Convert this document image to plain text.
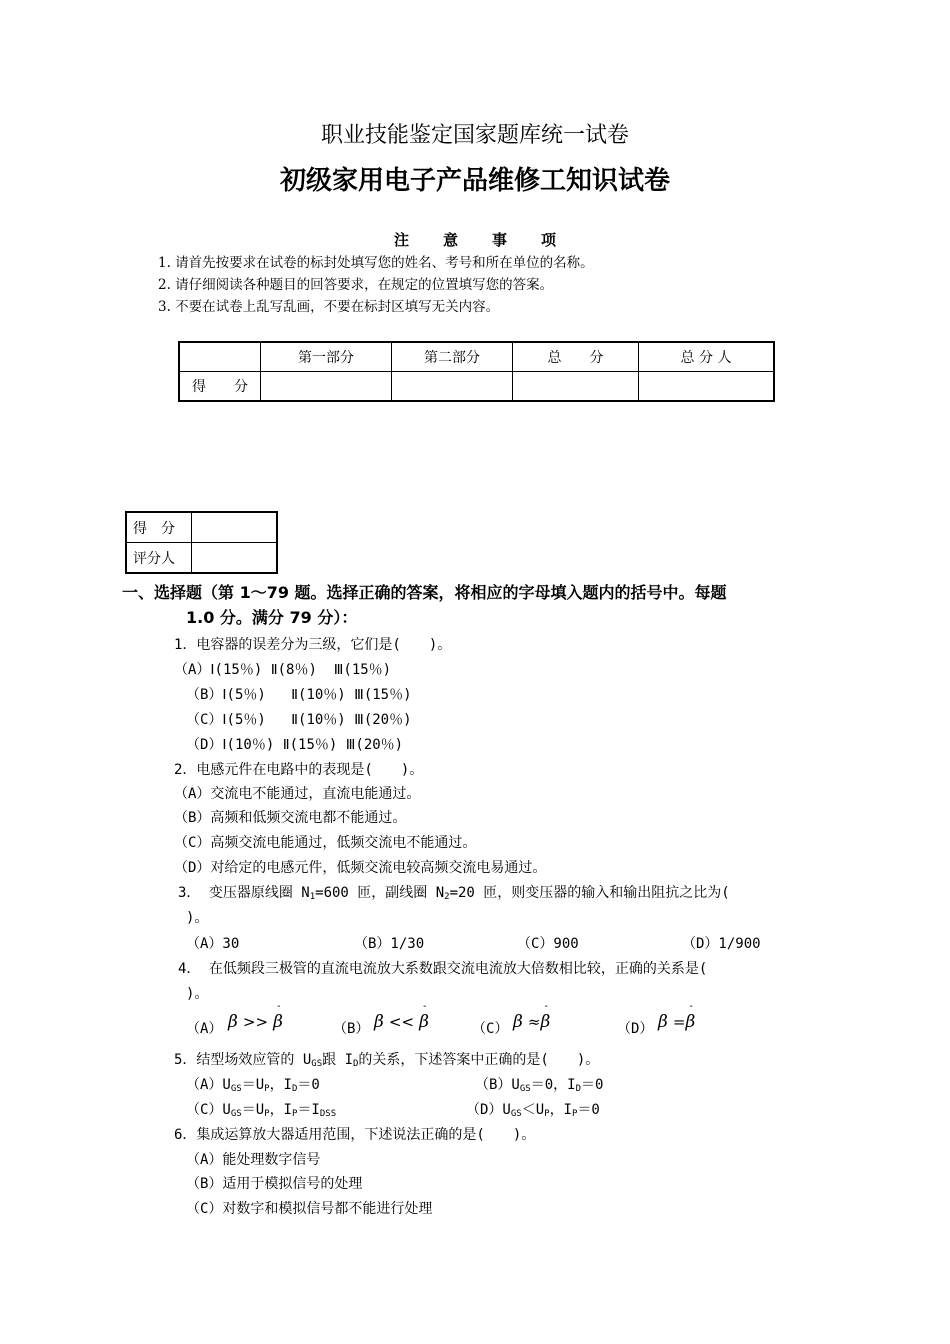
职业技能鉴定国家题库统一试卷
初级家用电子产品维修工知识试卷
注意事项
1. 请首先按要求在试卷的标封处填写您的姓名、考号和所在单位的名称。
2. 请仔细阅读各种题目的回答要求，在规定的位置填写您的答案。
3. 不要在试卷上乱写乱画，不要在标封区填写无关内容。
	第一部分	第二部分	总　　分	总 分 人
得　　分				
得　分	
评分人	
一、选择题（第 1～79 题。选择正确的答案，将相应的字母填入题内的括号中。每题
1.0 分。满分 79 分）：
1．电容器的误差分为三级，它们是(　　)。
（A）Ⅰ(15％) Ⅱ(8％)  Ⅲ(15％)
（B）Ⅰ(5％)   Ⅱ(10％) Ⅲ(15％)
（C）Ⅰ(5％)   Ⅱ(10％) Ⅲ(20％)
（D）Ⅰ(10％) Ⅱ(15％) Ⅲ(20％)
2．电感元件在电路中的表现是(　　)。
（A）交流电不能通过，直流电能通过。
（B）高频和低频交流电都不能通过。
（C）高频交流电能通过，低频交流电不能通过。
（D）对给定的电感元件，低频交流电较高频交流电易通过。
3． 变压器原线圈 $N_1=600$ 匝，副线圈 $N_2=20$ 匝，则变压器的输入和输出阻抗之比为(
)。
（A）30	（B）1/30	（C）900	（D）1/900
4． 在低频段三极管的直流电流放大系数跟交流电流放大倍数相比较，正确的关系是(
)。
（A） β >> - β	（B） β << - β	（C） β ≈- β	（D） β =- β
5．结型场效应管的 $U_{GS}$跟 $I_D$的关系，下述答案中正确的是(　　)。
$(A)U_{GS}=U_P$，$I_D=0$	$(B)U_{GS}=0$，$I_D=0$
$(C)U_{GS}=U_P$，$I_P=I_{DSS}$	$(D)U_{GS}<U_P$，$I_P=0$
6．集成运算放大器适用范围，下述说法正确的是(　　)。
（A）能处理数字信号
（B）适用于模拟信号的处理
（C）对数字和模拟信号都不能进行处理
